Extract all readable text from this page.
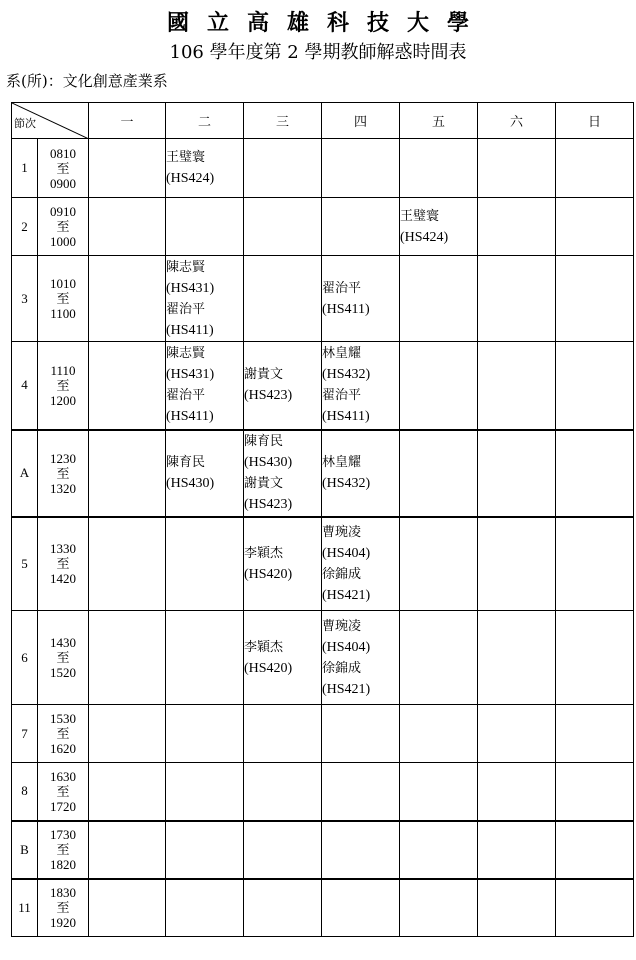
國立高雄科技大學
106 學年度第 2 學期教師解惑時間表
系(所)：文化創意產業系
節次		一	二	三	四	五	六	日
1	0810
至
0900		王璧寰
(HS424)					

2	0910
至
1000					王璧寰
(HS424)		

3	1010
至
1100		陳志賢
(HS431)
翟治平
(HS411)		翟治平
(HS411)			

4	1110
至
1200		陳志賢
(HS431)
翟治平
(HS411)	謝貴文
(HS423)	林皇耀
(HS432)
翟治平
(HS411)			

A	1230
至
1320		陳育民
(HS430)	陳育民
(HS430)
謝貴文
(HS423)	林皇耀
(HS432)			

5	1330
至
1420			李穎杰
(HS420)	曹琬凌
(HS404)
徐錦成
(HS421)			

6	1430
至
1520			李穎杰
(HS420)	曹琬凌
(HS404)
徐錦成
(HS421)			

7	1530
至
1620							

8	1630
至
1720							

B	1730
至
1820							

11	1830
至
1920							
